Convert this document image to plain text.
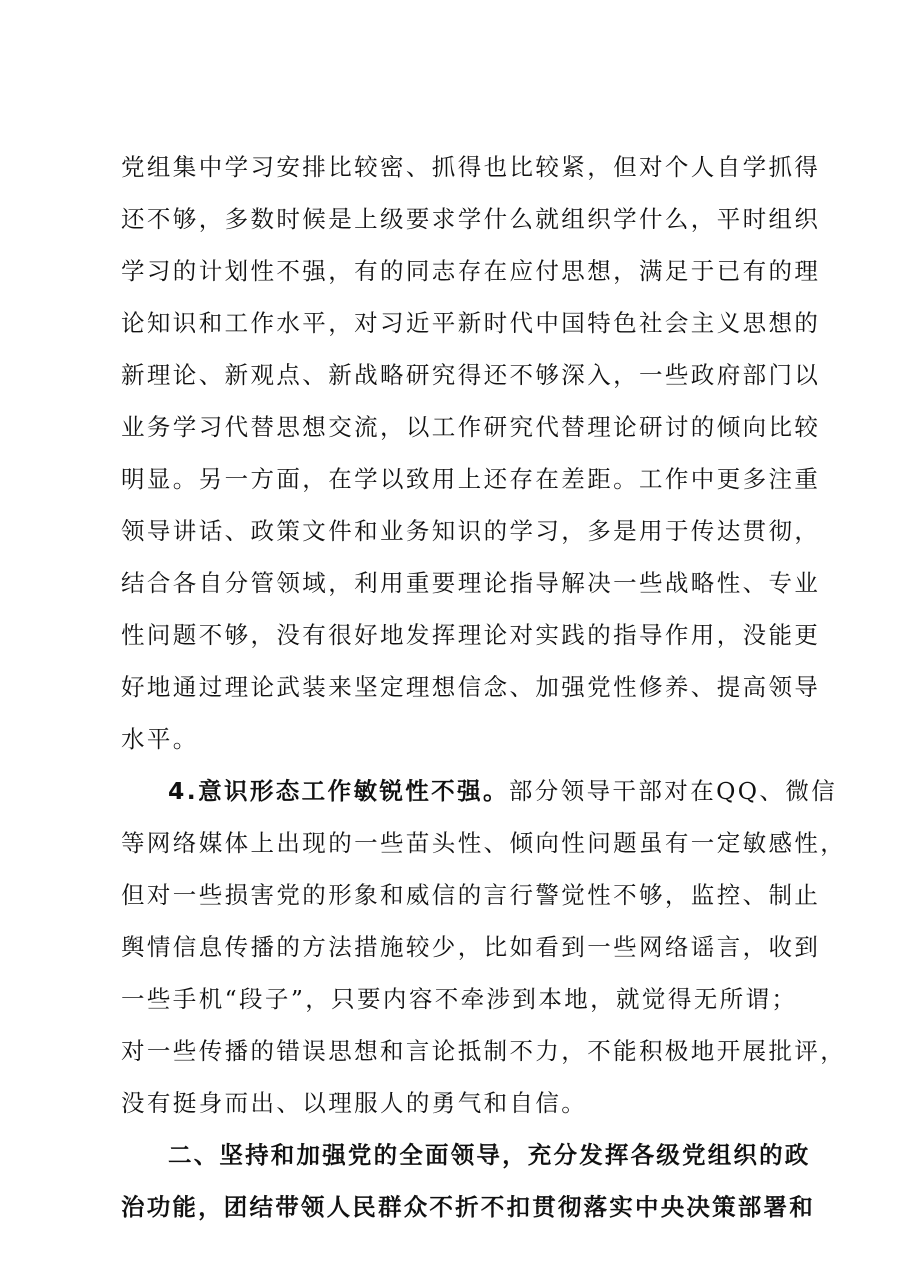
党组集中学习安排比较密、抓得也比较紧，但对个人自学抓得
还不够，多数时候是上级要求学什么就组织学什么，平时组织
学习的计划性不强，有的同志存在应付思想，满足于已有的理
论知识和工作水平，对习近平新时代中国特色社会主义思想的
新理论、新观点、新战略研究得还不够深入，一些政府部门以
业务学习代替思想交流，以工作研究代替理论研讨的倾向比较
明显。另一方面，在学以致用上还存在差距。工作中更多注重
领导讲话、政策文件和业务知识的学习，多是用于传达贯彻，
结合各自分管领域，利用重要理论指导解决一些战略性、专业
性问题不够，没有很好地发挥理论对实践的指导作用，没能更
好地通过理论武装来坚定理想信念、加强党性修养、提高领导
水平。
4.意识形态工作敏锐性不强。部分领导干部对在QQ、微信
等网络媒体上出现的一些苗头性、倾向性问题虽有一定敏感性，
但对一些损害党的形象和威信的言行警觉性不够，监控、制止
舆情信息传播的方法措施较少，比如看到一些网络谣言，收到
一些手机“段子”，只要内容不牵涉到本地，就觉得无所谓；
对一些传播的错误思想和言论抵制不力，不能积极地开展批评，
没有挺身而出、以理服人的勇气和自信。
二、坚持和加强党的全面领导，充分发挥各级党组织的政
治功能，团结带领人民群众不折不扣贯彻落实中央决策部署和
